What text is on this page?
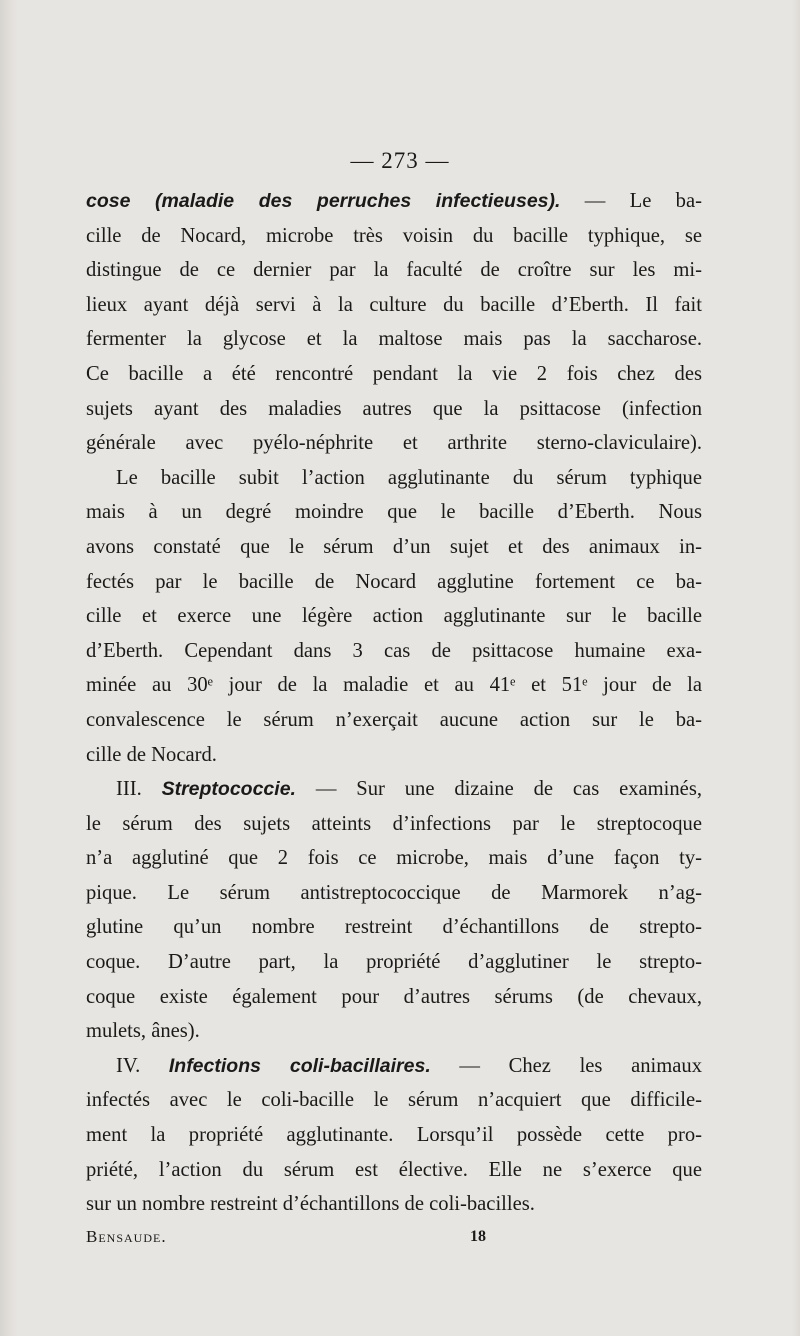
— 273 —
cose (maladie des perruches infectieuses). — Le ba-
cille de Nocard, microbe très voisin du bacille typhique, se
distingue de ce dernier par la faculté de croître sur les mi-
lieux ayant déjà servi à la culture du bacille d’Eberth. Il fait
fermenter la glycose et la maltose mais pas la saccharose.
Ce bacille a été rencontré pendant la vie 2 fois chez des
sujets ayant des maladies autres que la psittacose (infection
générale avec pyélo-néphrite et arthrite sterno-claviculaire).
Le bacille subit l’action agglutinante du sérum typhique
mais à un degré moindre que le bacille d’Eberth. Nous
avons constaté que le sérum d’un sujet et des animaux in-
fectés par le bacille de Nocard agglutine fortement ce ba-
cille et exerce une légère action agglutinante sur le bacille
d’Eberth. Cependant dans 3 cas de psittacose humaine exa-
minée au 30ᵉ jour de la maladie et au 41ᵉ et 51ᵉ jour de la
convalescence le sérum n’exerçait aucune action sur le ba-
cille de Nocard.
III. Streptococcie. — Sur une dizaine de cas examinés,
le sérum des sujets atteints d’infections par le streptocoque
n’a agglutiné que 2 fois ce microbe, mais d’une façon ty-
pique. Le sérum antistreptococcique de Marmorek n’ag-
glutine qu’un nombre restreint d’échantillons de strepto-
coque. D’autre part, la propriété d’agglutiner le strepto-
coque existe également pour d’autres sérums (de chevaux,
mulets, ânes).
IV. Infections coli-bacillaires. — Chez les animaux
infectés avec le coli-bacille le sérum n’acquiert que difficile-
ment la propriété agglutinante. Lorsqu’il possède cette pro-
priété, l’action du sérum est élective. Elle ne s’exerce que
sur un nombre restreint d’échantillons de coli-bacilles.
Bensaude.	18
